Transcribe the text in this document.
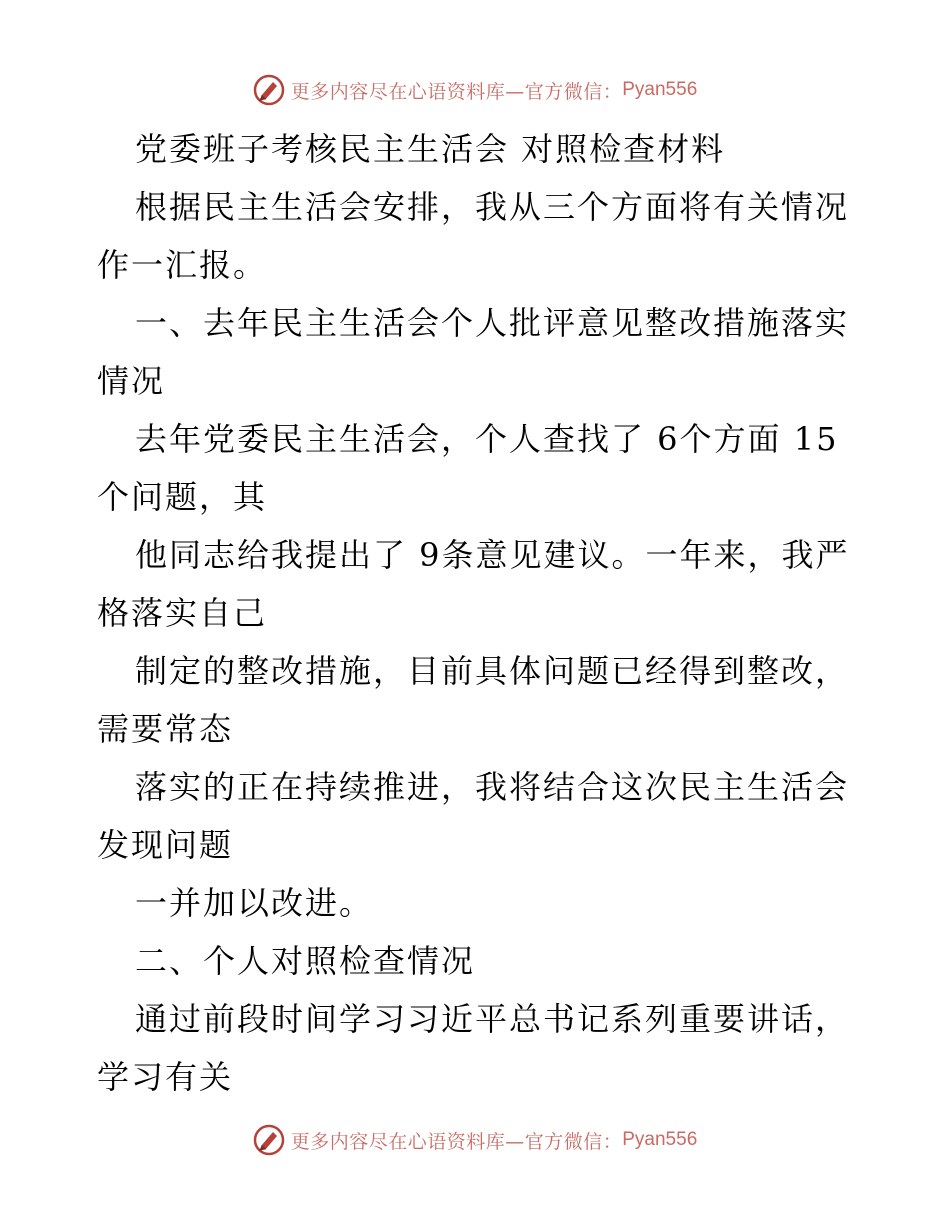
更多内容尽在心语资料库—官方微信： Pyan556

党委班子考核民主生活会 对照检查材料

根据民主生活会安排，我从三个方面将有关情况作一汇报。

一、去年民主生活会个人批评意见整改措施落实情况

去年党委民主生活会，个人查找了 6个方面 15个问题，其

他同志给我提出了 9条意见建议。一年来，我严格落实自己

制定的整改措施，目前具体问题已经得到整改，需要常态

落实的正在持续推进，我将结合这次民主生活会发现问题

一并加以改进。

二、个人对照检查情况

通过前段时间学习习近平总书记系列重要讲话，学习有关

更多内容尽在心语资料库—官方微信： Pyan556
